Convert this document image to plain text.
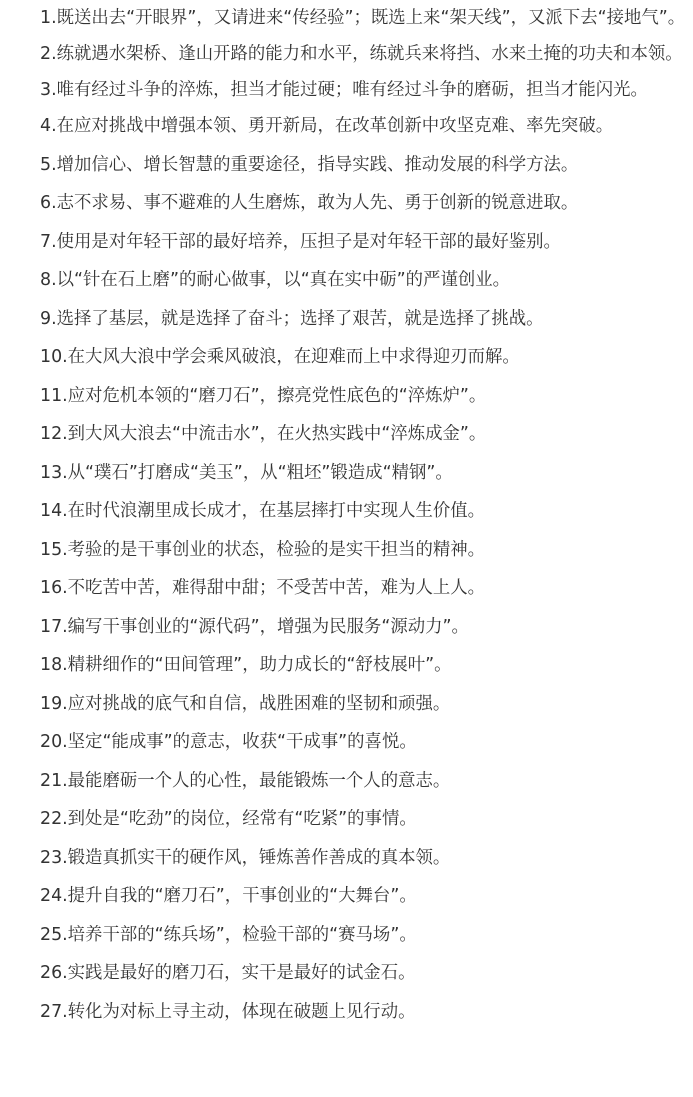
1.既送出去“开眼界”，又请进来“传经验”；既选上来“架天线”，又派下去“接地气”。

2.练就遇水架桥、逢山开路的能力和水平，练就兵来将挡、水来土掩的功夫和本领。

3.唯有经过斗争的淬炼，担当才能过硬；唯有经过斗争的磨砺，担当才能闪光。

4.在应对挑战中增强本领、勇开新局，在改革创新中攻坚克难、率先突破。

5.增加信心、增长智慧的重要途径，指导实践、推动发展的科学方法。

6.志不求易、事不避难的人生磨炼，敢为人先、勇于创新的锐意进取。

7.使用是对年轻干部的最好培养，压担子是对年轻干部的最好鉴别。

8.以“针在石上磨”的耐心做事，以“真在实中砺”的严谨创业。

9.选择了基层，就是选择了奋斗；选择了艰苦，就是选择了挑战。

10.在大风大浪中学会乘风破浪，在迎难而上中求得迎刃而解。

11.应对危机本领的“磨刀石”，擦亮党性底色的“淬炼炉”。

12.到大风大浪去“中流击水”，在火热实践中“淬炼成金”。

13.从“璞石”打磨成“美玉”，从“粗坯”锻造成“精钢”。

14.在时代浪潮里成长成才，在基层摔打中实现人生价值。

15.考验的是干事创业的状态，检验的是实干担当的精神。

16.不吃苦中苦，难得甜中甜；不受苦中苦，难为人上人。

17.编写干事创业的“源代码”，增强为民服务“源动力”。

18.精耕细作的“田间管理”，助力成长的“舒枝展叶”。

19.应对挑战的底气和自信，战胜困难的坚韧和顽强。

20.坚定“能成事”的意志，收获“干成事”的喜悦。

21.最能磨砺一个人的心性，最能锻炼一个人的意志。

22.到处是“吃劲”的岗位，经常有“吃紧”的事情。

23.锻造真抓实干的硬作风，锤炼善作善成的真本领。

24.提升自我的“磨刀石”，干事创业的“大舞台”。

25.培养干部的“练兵场”，检验干部的“赛马场”。

26.实践是最好的磨刀石，实干是最好的试金石。

27.转化为对标上寻主动，体现在破题上见行动。
